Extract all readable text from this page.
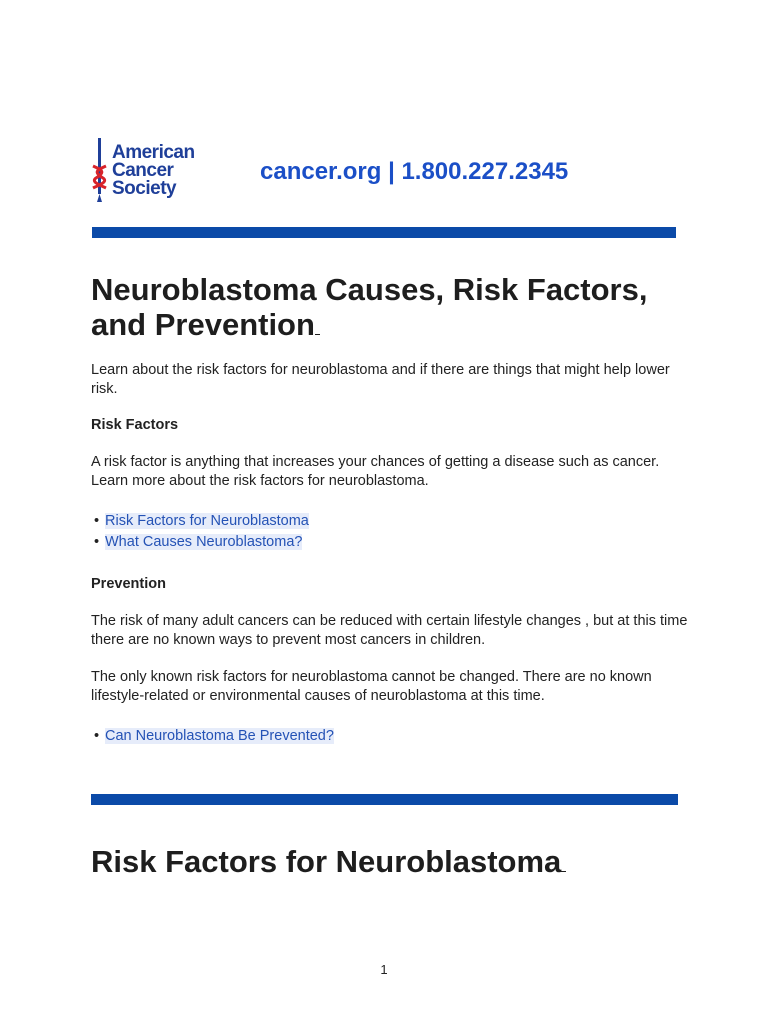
American
Cancer
Society
cancer.org | 1.800.227.2345
Neuroblastoma Causes, Risk Factors, and Prevention

Learn about the risk factors for neuroblastoma and if there are things that might help lower risk.

Risk Factors

A risk factor is anything that increases your chances of getting a disease such as cancer. Learn more about the risk factors for neuroblastoma.

• Risk Factors for Neuroblastoma
• What Causes Neuroblastoma?
Prevention

The risk of many adult cancers can be reduced with certain lifestyle changes , but at this time there are no known ways to prevent most cancers in children.

The only known risk factors for neuroblastoma cannot be changed. There are no known lifestyle-related or environmental causes of neuroblastoma at this time.

• Can Neuroblastoma Be Prevented?
Risk Factors for Neuroblastoma
1
